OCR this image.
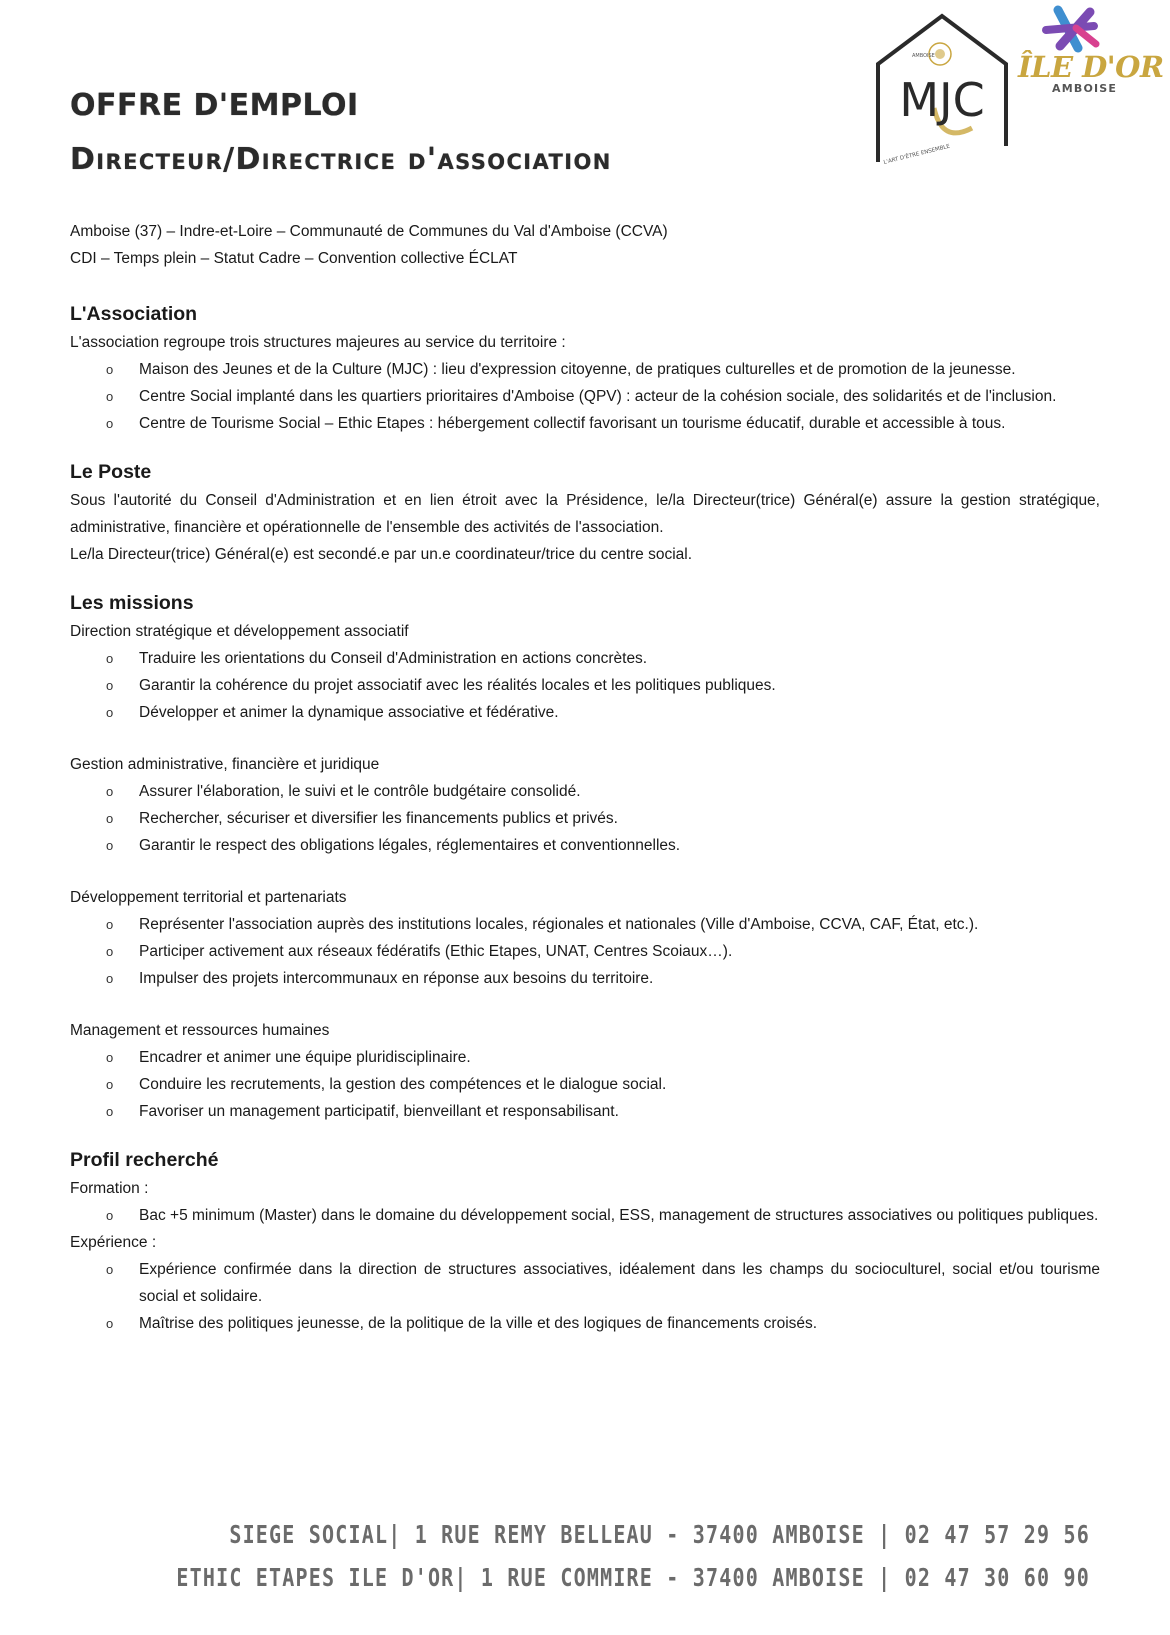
OFFRE D'EMPLOI
Directeur/Directrice d'association
AMBOISE
MJC
L'ART D'ÊTRE ENSEMBLE
ÎLE D'OR
AMBOISE
Amboise (37) – Indre-et-Loire – Communauté de Communes du Val d'Amboise (CCVA)
CDI – Temps plein – Statut Cadre – Convention collective ÉCLAT
L'Association
L'association regroupe trois structures majeures au service du territoire :
o Maison des Jeunes et de la Culture (MJC) : lieu d'expression citoyenne, de pratiques culturelles et de promotion de la jeunesse.
o Centre Social implanté dans les quartiers prioritaires d'Amboise (QPV) : acteur de la cohésion sociale, des solidarités et de l'inclusion.
o Centre de Tourisme Social – Ethic Etapes : hébergement collectif favorisant un tourisme éducatif, durable et accessible à tous.
Le Poste
Sous l'autorité du Conseil d'Administration et en lien étroit avec la Présidence, le/la Directeur(trice) Général(e) assure la gestion stratégique, administrative, financière et opérationnelle de l'ensemble des activités de l'association.
Le/la Directeur(trice) Général(e) est secondé.e par un.e coordinateur/trice du centre social.
Les missions
Direction stratégique et développement associatif
o Traduire les orientations du Conseil d'Administration en actions concrètes.
o Garantir la cohérence du projet associatif avec les réalités locales et les politiques publiques.
o Développer et animer la dynamique associative et fédérative.
Gestion administrative, financière et juridique
o Assurer l'élaboration, le suivi et le contrôle budgétaire consolidé.
o Rechercher, sécuriser et diversifier les financements publics et privés.
o Garantir le respect des obligations légales, réglementaires et conventionnelles.
Développement territorial et partenariats
o Représenter l'association auprès des institutions locales, régionales et nationales (Ville d'Amboise, CCVA, CAF, État, etc.).
o Participer activement aux réseaux fédératifs (Ethic Etapes, UNAT, Centres Scoiaux…).
o Impulser des projets intercommunaux en réponse aux besoins du territoire.
Management et ressources humaines
o Encadrer et animer une équipe pluridisciplinaire.
o Conduire les recrutements, la gestion des compétences et le dialogue social.
o Favoriser un management participatif, bienveillant et responsabilisant.
Profil recherché
Formation :
o Bac +5 minimum (Master) dans le domaine du développement social, ESS, management de structures associatives ou politiques publiques.
Expérience :
o Expérience confirmée dans la direction de structures associatives, idéalement dans les champs du socioculturel, social et/ou tourisme social et solidaire.
o Maîtrise des politiques jeunesse, de la politique de la ville et des logiques de financements croisés.
SIEGE SOCIAL| 1 RUE REMY BELLEAU - 37400 AMBOISE | 02 47 57 29 56
ETHIC ETAPES ILE D'OR| 1 RUE COMMIRE - 37400 AMBOISE | 02 47 30 60 90
